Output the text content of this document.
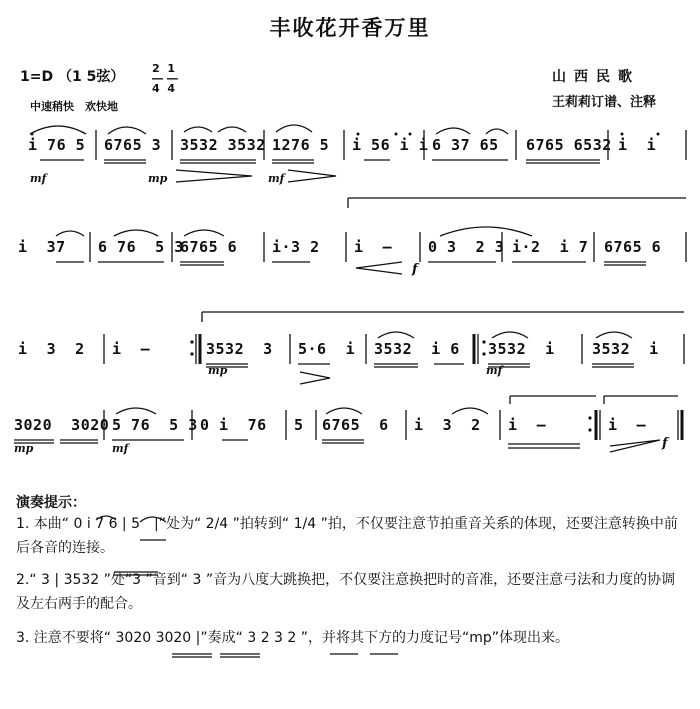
丰收花开香万里
1=D （1 5弦）
2  1
― ―
4  4
中速稍快　欢快地
山西民歌
王莉莉订谱、注释
i 76 5 6765 3 3532 3532 1276 5 i 56 i i 6 37 65 6765 6532 i  i
mf	mp	mf
i  37 6 76  5 3
6765 6 i·3 2 i  – 0 3  2 3 i·2  i 7 6765 6
f
i  3  2 i  –	3532  3 5·6  i 3532  i 6 3532  i 3532  i
mp	mf
3020  3020 5 76  5 3 0 i  76 5 6765  6 i  3  2 i  –	i  –
mp	mf	f
演奏提示：
1. 本曲“ 0 i 7 6 | 5　|”处为“ 2/4 ”拍转到“ 1/4 ”拍，不仅要注意节拍重音关系的体现，还要注意转换中前后各音的连接。
2.“ 3 | 3532 ”处“3 ”音到“ 3 ”音为八度大跳换把，不仅要注意换把时的音准，还要注意弓法和力度的协调及左右两手的配合。
3. 注意不要将“ 3020 3020 |”奏成“ 3 2 3 2 ”，并将其下方的力度记号“mp”体现出来。
